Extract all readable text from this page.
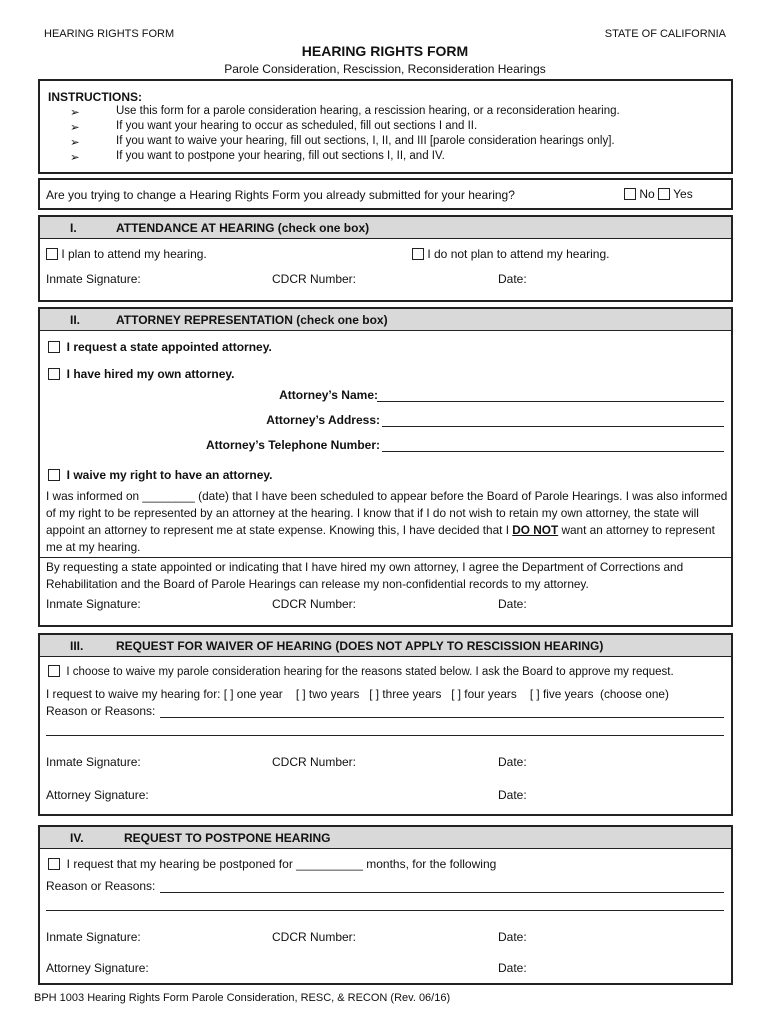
HEARING RIGHTS FORM	STATE OF CALIFORNIA
HEARING RIGHTS FORM
Parole Consideration, Rescission, Reconsideration Hearings
INSTRUCTIONS:
➢	Use this form for a parole consideration hearing, a rescission hearing, or a reconsideration hearing.
➢	If you want your hearing to occur as scheduled, fill out sections I and II.
➢	If you want to waive your hearing, fill out sections, I, II, and III [parole consideration hearings only].
➢	If you want to postpone your hearing, fill out sections I, II, and IV.
Are you trying to change a Hearing Rights Form you already submitted for your hearing?	No Yes
I.	ATTENDANCE AT HEARING (check one box)
I plan to attend my hearing.	I do not plan to attend my hearing.
Inmate Signature:	CDCR Number:	Date:
II.	ATTORNEY REPRESENTATION (check one box)
I request a state appointed attorney.
I have hired my own attorney.
Attorney’s Name:
Attorney’s Address:
Attorney’s Telephone Number:
I waive my right to have an attorney.
I was informed on ________ (date) that I have been scheduled to appear before the Board of Parole Hearings. I was also informed of my right to be represented by an attorney at the hearing. I know that if I do not wish to retain my own attorney, the state will appoint an attorney to represent me at state expense. Knowing this, I have decided that I DO NOT want an attorney to represent me at my hearing.
By requesting a state appointed or indicating that I have hired my own attorney, I agree the Department of Corrections and Rehabilitation and the Board of Parole Hearings can release my non-confidential records to my attorney.
Inmate Signature:	CDCR Number:	Date:
III.	REQUEST FOR WAIVER OF HEARING (DOES NOT APPLY TO RESCISSION HEARING)
I choose to waive my parole consideration hearing for the reasons stated below. I ask the Board to approve my request.
I request to waive my hearing for: [ ] one year    [ ] two years   [ ] three years   [ ] four years    [ ] five years  (choose one)
Reason or Reasons:
Inmate Signature:	CDCR Number:	Date:
Attorney Signature:	Date:
IV.	REQUEST TO POSTPONE HEARING
I request that my hearing be postponed for __________ months, for the following
Reason or Reasons:
Inmate Signature:	CDCR Number:	Date:
Attorney Signature:	Date:
BPH 1003 Hearing Rights Form Parole Consideration, RESC, & RECON (Rev. 06/16)
